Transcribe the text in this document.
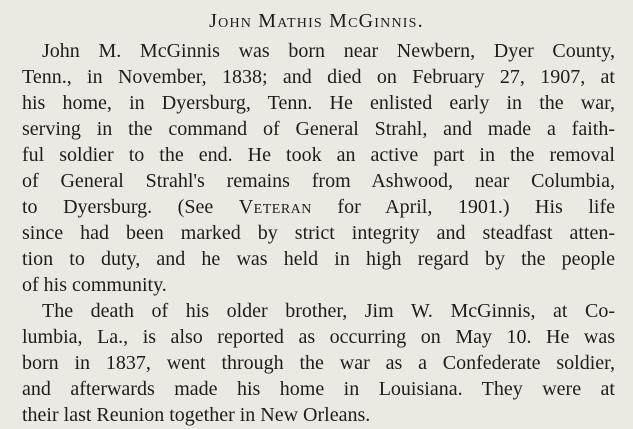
John Mathis McGinnis.
John M. McGinnis was born near Newbern, Dyer County,
Tenn., in November, 1838; and died on February 27, 1907, at
his home, in Dyersburg, Tenn. He enlisted early in the war,
serving in the command of General Strahl, and made a faith-
ful soldier to the end. He took an active part in the removal
of General Strahl's remains from Ashwood, near Columbia,
to Dyersburg. (See Veteran for April, 1901.) His life
since had been marked by strict integrity and steadfast atten-
tion to duty, and he was held in high regard by the people
of his community.
The death of his older brother, Jim W. McGinnis, at Co-
lumbia, La., is also reported as occurring on May 10. He was
born in 1837, went through the war as a Confederate soldier,
and afterwards made his home in Louisiana. They were at
their last Reunion together in New Orleans.
